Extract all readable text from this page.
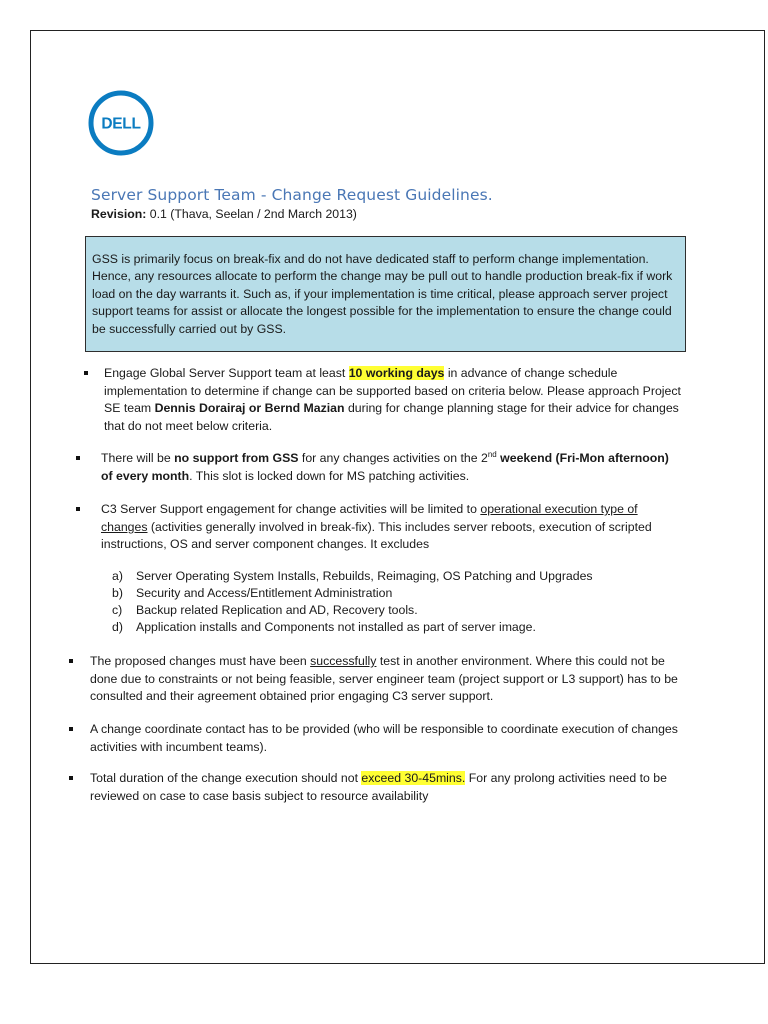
DELL
Server Support Team - Change Request Guidelines.
Revision: 0.1 (Thava, Seelan / 2nd March 2013)
GSS is primarily focus on break-fix and do not have dedicated staff to perform change implementation. Hence, any resources allocate to perform the change may be pull out to handle production break-fix if work load on the day warrants it. Such as, if your implementation is time critical, please approach server project support teams for assist or allocate the longest possible for the implementation to ensure the change could be successfully carried out by GSS.
Engage Global Server Support team at least 10 working days in advance of change schedule implementation to determine if change can be supported based on criteria below. Please approach Project SE team Dennis Dorairaj or Bernd Mazian during for change planning stage for their advice for changes that do not meet below criteria.
There will be no support from GSS for any changes activities on the 2nd weekend (Fri-Mon afternoon) of every month. This slot is locked down for MS patching activities.
C3 Server Support engagement for change activities will be limited to operational execution type of changes (activities generally involved in break-fix). This includes server reboots, execution of scripted instructions, OS and server component changes. It excludes
a) Server Operating System Installs, Rebuilds, Reimaging, OS Patching and Upgrades
b) Security and Access/Entitlement Administration
c) Backup related Replication and AD, Recovery tools.
d) Application installs and Components not installed as part of server image.
The proposed changes must have been successfully test in another environment. Where this could not be done due to constraints or not being feasible, server engineer team (project support or L3 support) has to be consulted and their agreement obtained prior engaging C3 server support.
A change coordinate contact has to be provided (who will be responsible to coordinate execution of changes activities with incumbent teams).
Total duration of the change execution should not exceed 30-45mins. For any prolong activities need to be reviewed on case to case basis subject to resource availability
